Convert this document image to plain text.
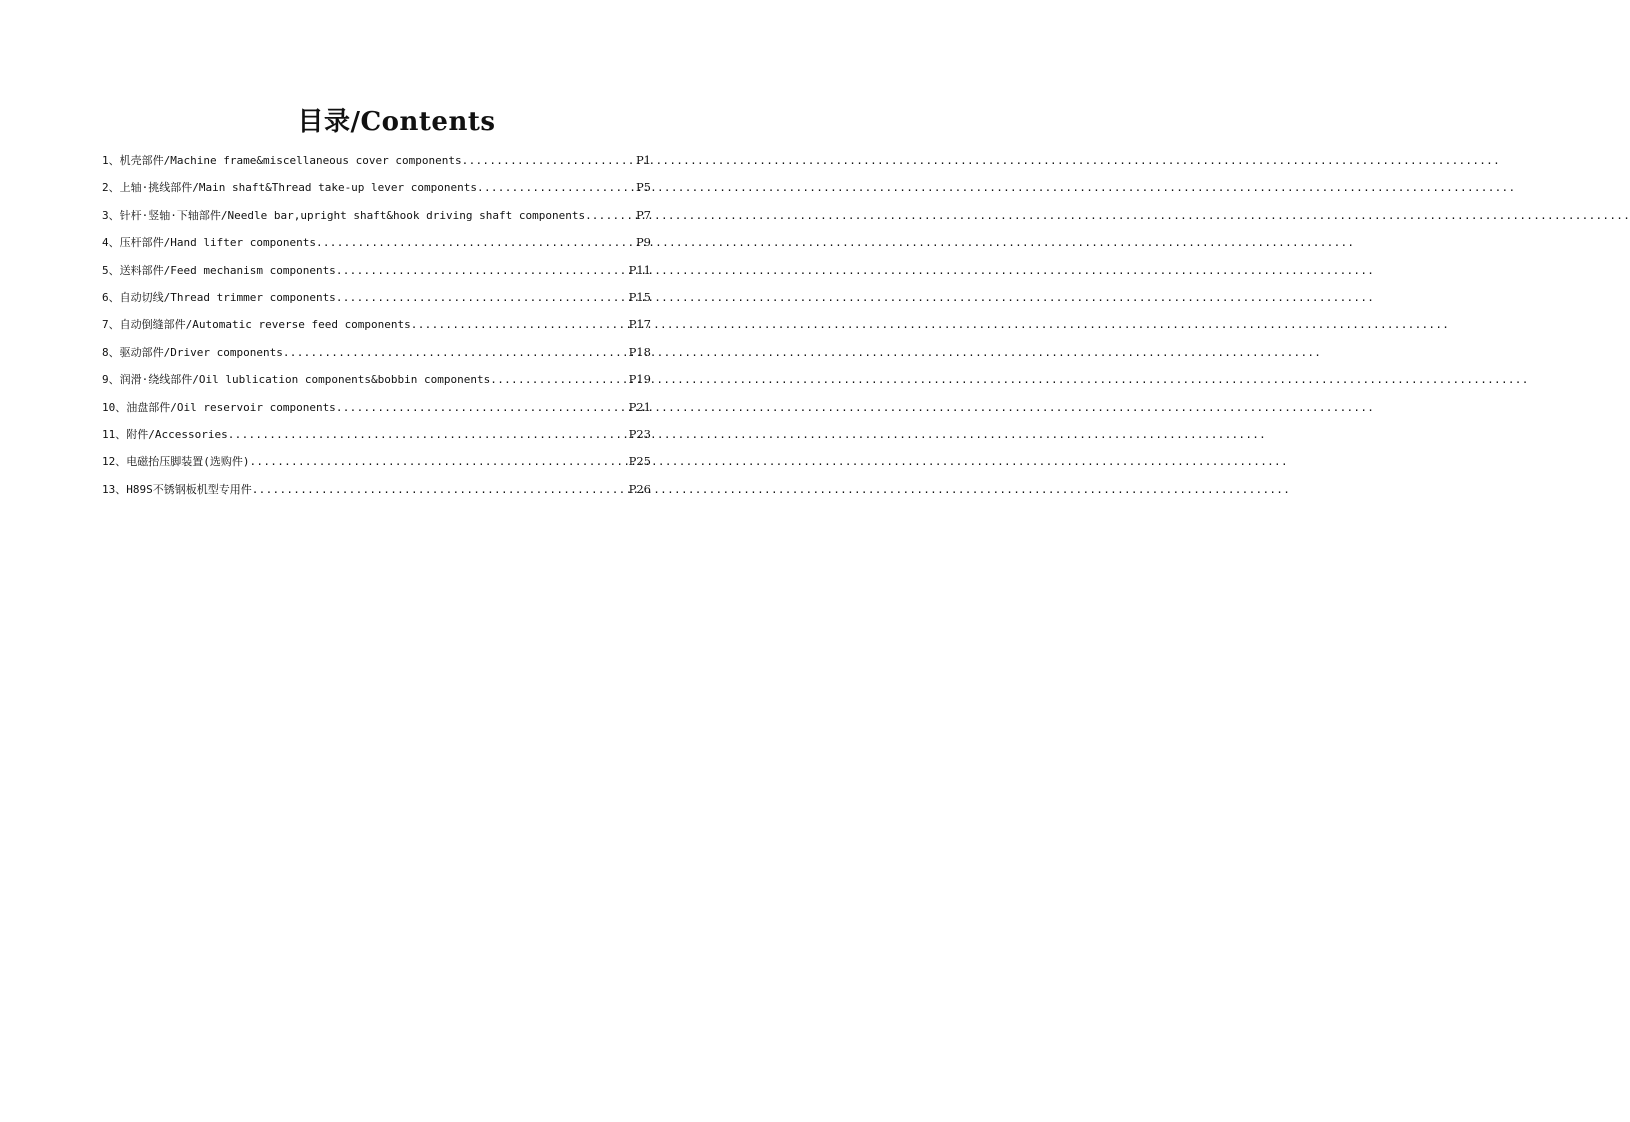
目录/Contents
1、机壳部件/Machine frame&miscellaneous cover components .....	P1
2、上轴·挑线部件/Main shaft&Thread take-up lever components .....	P5
3、针杆·竖轴·下轴部件/Needle bar,upright shaft&hook driving shaft components. .....	P7
4、压杆部件/Hand lifter components .....	P9
5、送料部件/Feed mechanism components .....	P11
6、自动切线/Thread trimmer components .....	P15
7、自动倒缝部件/Automatic reverse feed components .....	P17
8、驱动部件/Driver components .....	P18
9、润滑·绕线部件/Oil lublication components&bobbin components .....	P19
10、油盘部件/Oil reservoir components .....	P21
11、附件/Accessories .....	P23
12、电磁抬压脚装置(选购件) .....	P25
13、H89S不锈钢板机型专用件 .....	P26
